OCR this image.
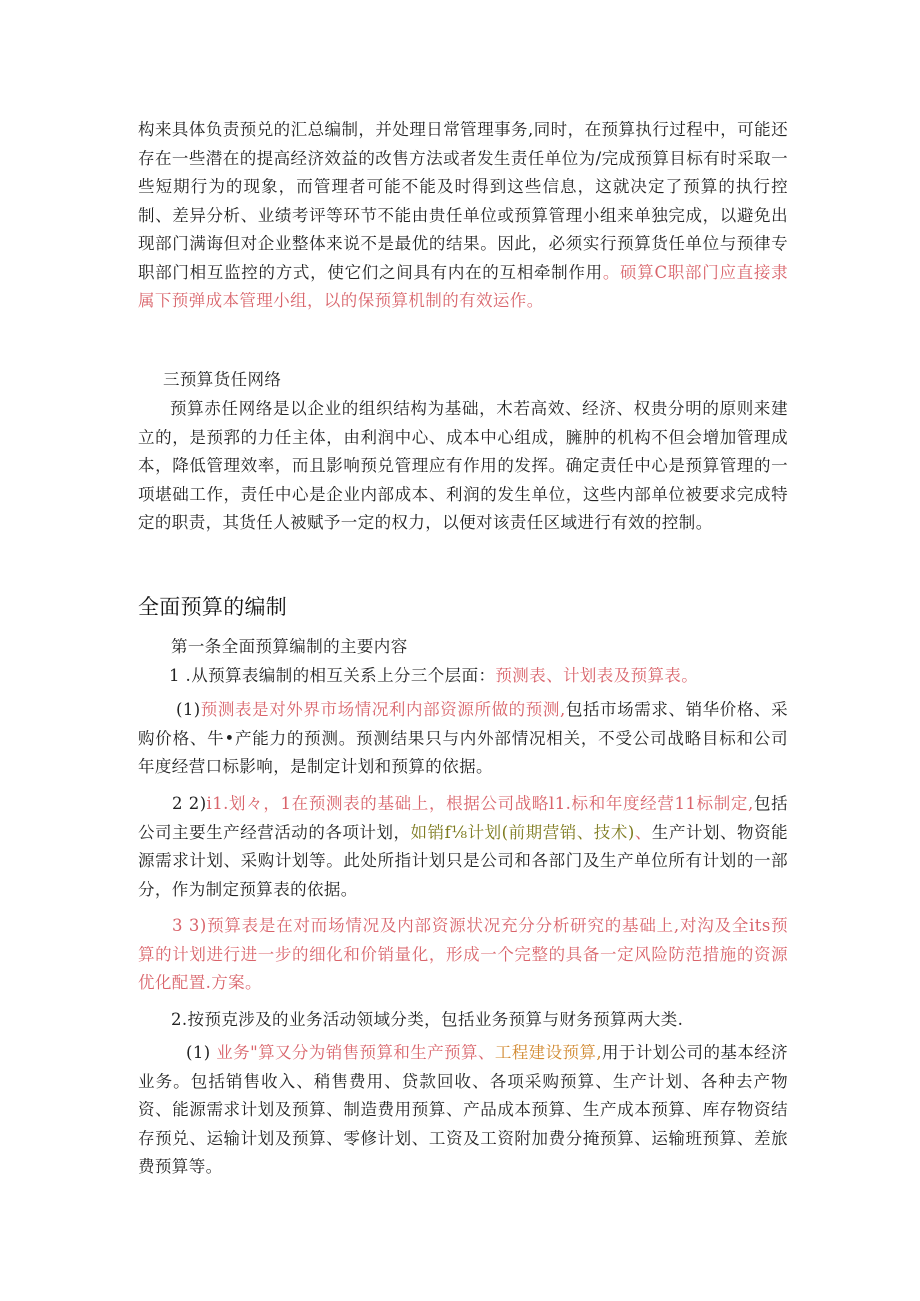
构来具体负责预兑的汇总编制，并处理日常管理事务,同时，在预算执行过程中，可能还存在一些潜在的提高经济效益的改售方法或者发生责任单位为/完成预算目标有时采取一些短期行为的现象，而管理者可能不能及时得到这些信息，这就决定了预算的执行控制、差异分析、业绩考评等环节不能由贵任单位或预算管理小组来单独完成，以避免出现部门满诲但对企业整体来说不是最优的结果。因此，必须实行预算货任单位与预律专职部门相互监控的方式，使它们之间具有内在的互相牵制作用。硕算C职部门应直接隶属下预弹成本管理小组，以的保预算机制的有效运作。

三预算货任网络

预算赤任网络是以企业的组织结构为基础，木若高效、经济、权贵分明的原则来建立的，是预郛的力任主体，由利润中心、成本中心组成，臃肿的机构不但会增加管理成本，降低管理效率，而且影响预兑管理应有作用的发挥。确定责任中心是预算管理的一项堪础工作，责任中心是企业内部成本、利润的发生单位，这些内部单位被要求完成特定的职责，其货任人被赋予一定的权力，以便对该责任区域进行有效的控制。

全面预算的编制

第一条全面预算编制的主要内容

1 .从预算表编制的相互关系上分三个层面：预测表、计划表及预算表。

(1)预测表是对外界市场情况利内部资源所做的预测,包括市场需求、销华价格、采购价格、牛•产能力的预测。预测结果只与内外部情况相关，不受公司战略目标和公司年度经营口标影响，是制定计划和预算的依据。

2 2)i1.划々，1在预测表的基础上，根据公司战略l1.标和年度经营11标制定,包括公司主要生产经营活动的各项计划，如销f⅛计划(前期营销、技术)、生产计划、物资能源需求计划、采购计划等。此处所指计划只是公司和各部门及生产单位所有计划的一部分，作为制定预算表的依据。

3 3)预算表是在对而场情况及内部资源状况充分分析研究的基础上,对沟及全its预算的计划进行进一步的细化和价销量化，形成一个完整的具备一定风险防范措施的资源优化配置.方案。

2.按预克涉及的业务活动领域分类，包括业务预算与财务预算两大类.

(1) 业务"算又分为销售预算和生产预算、工程建设预算,用于计划公司的基本经济业务。包括销售收入、稍售费用、贷款回收、各项采购预算、生产计划、各种去产物资、能源需求计划及预算、制造费用预算、产品成本预算、生产成本预算、库存物资结存预兑、运输计划及预算、零修计划、工资及工资附加费分掩预算、运输班预算、差旅费预算等。
